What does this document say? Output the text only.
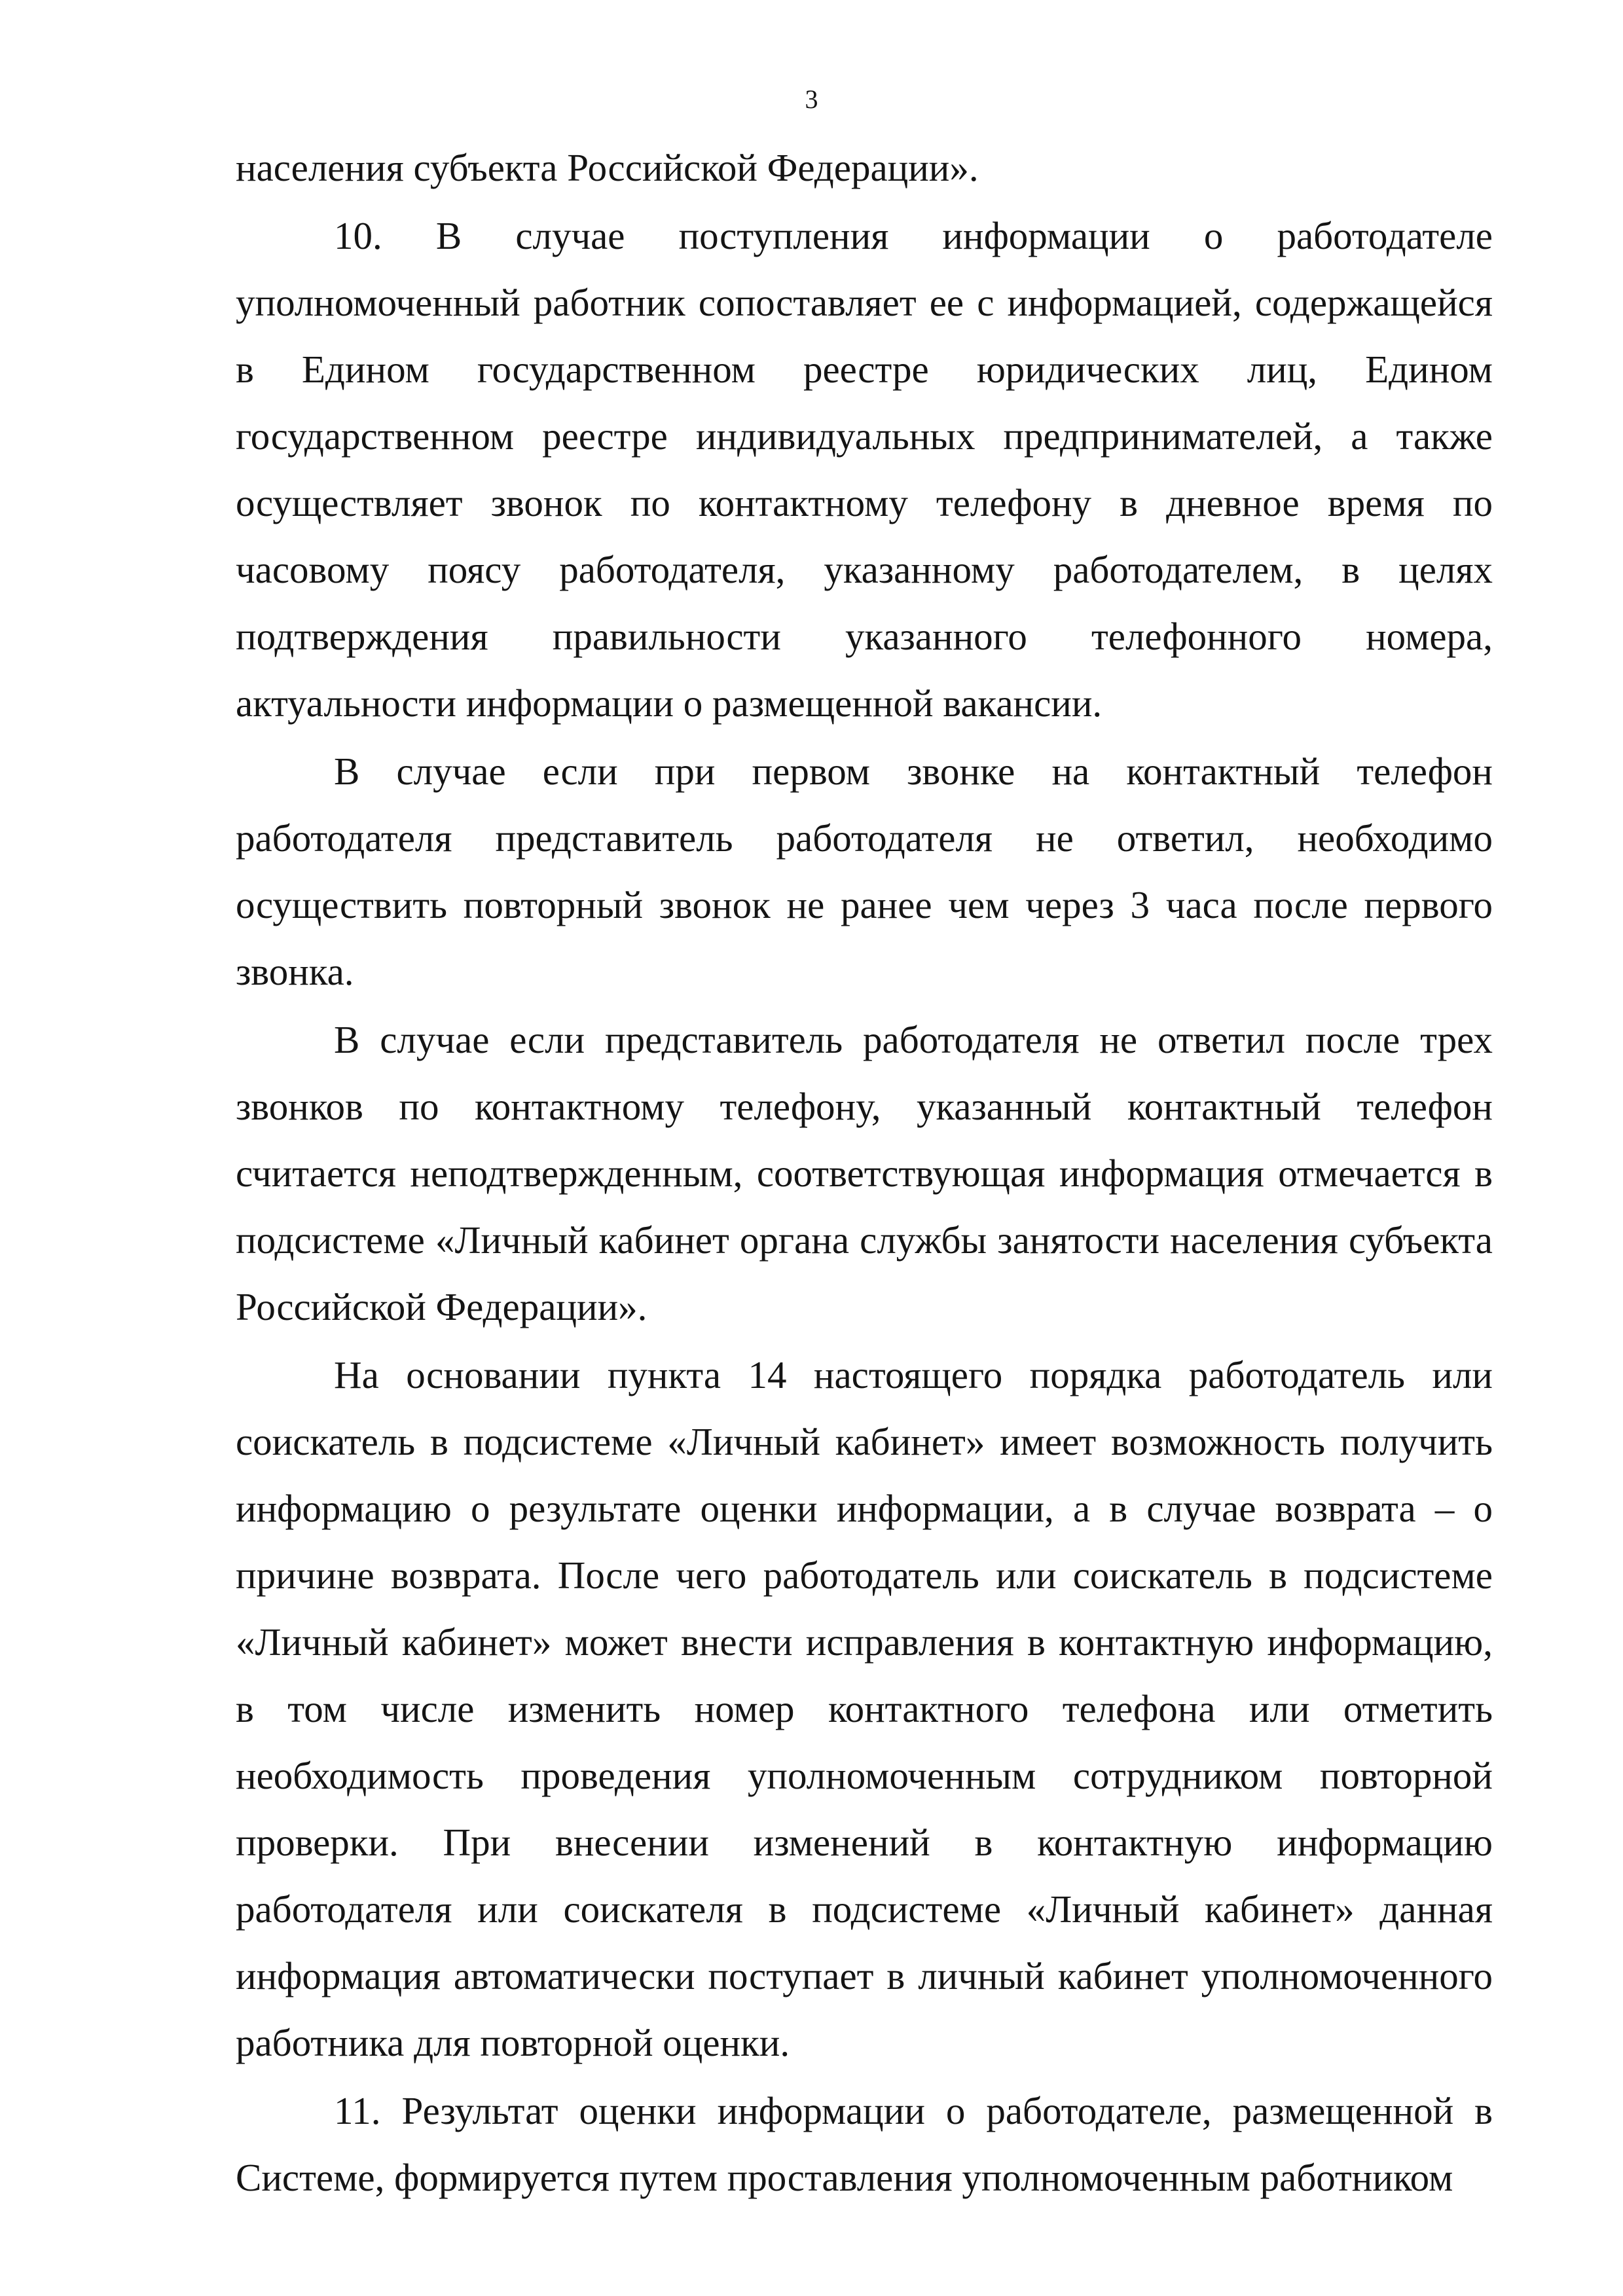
3

населения субъекта Российской Федерации».

10. В случае поступления информации о работодателе уполномоченный работник сопоставляет ее с информацией, содержащейся в Едином государственном реестре юридических лиц, Едином государственном реестре индивидуальных предпринимателей, а также осуществляет звонок по контактному телефону в дневное время по часовому поясу работодателя, указанному работодателем, в целях подтверждения правильности указанного телефонного номера, актуальности информации о размещенной вакансии.

В случае если при первом звонке на контактный телефон работодателя представитель работодателя не ответил, необходимо осуществить повторный звонок не ранее чем через 3 часа после первого звонка.

В случае если представитель работодателя не ответил после трех звонков по контактному телефону, указанный контактный телефон считается неподтвержденным, соответствующая информация отмечается в подсистеме «Личный кабинет органа службы занятости населения субъекта Российской Федерации».

На основании пункта 14 настоящего порядка работодатель или соискатель в подсистеме «Личный кабинет» имеет возможность получить информацию о результате оценки информации, а в случае возврата – о причине возврата. После чего работодатель или соискатель в подсистеме «Личный кабинет» может внести исправления в контактную информацию, в том числе изменить номер контактного телефона или отметить необходимость проведения уполномоченным сотрудником повторной проверки. При внесении изменений в контактную информацию работодателя или соискателя в подсистеме «Личный кабинет» данная информация автоматически поступает в личный кабинет уполномоченного работника для повторной оценки.

11. Результат оценки информации о работодателе, размещенной в Системе, формируется путем проставления уполномоченным работником
